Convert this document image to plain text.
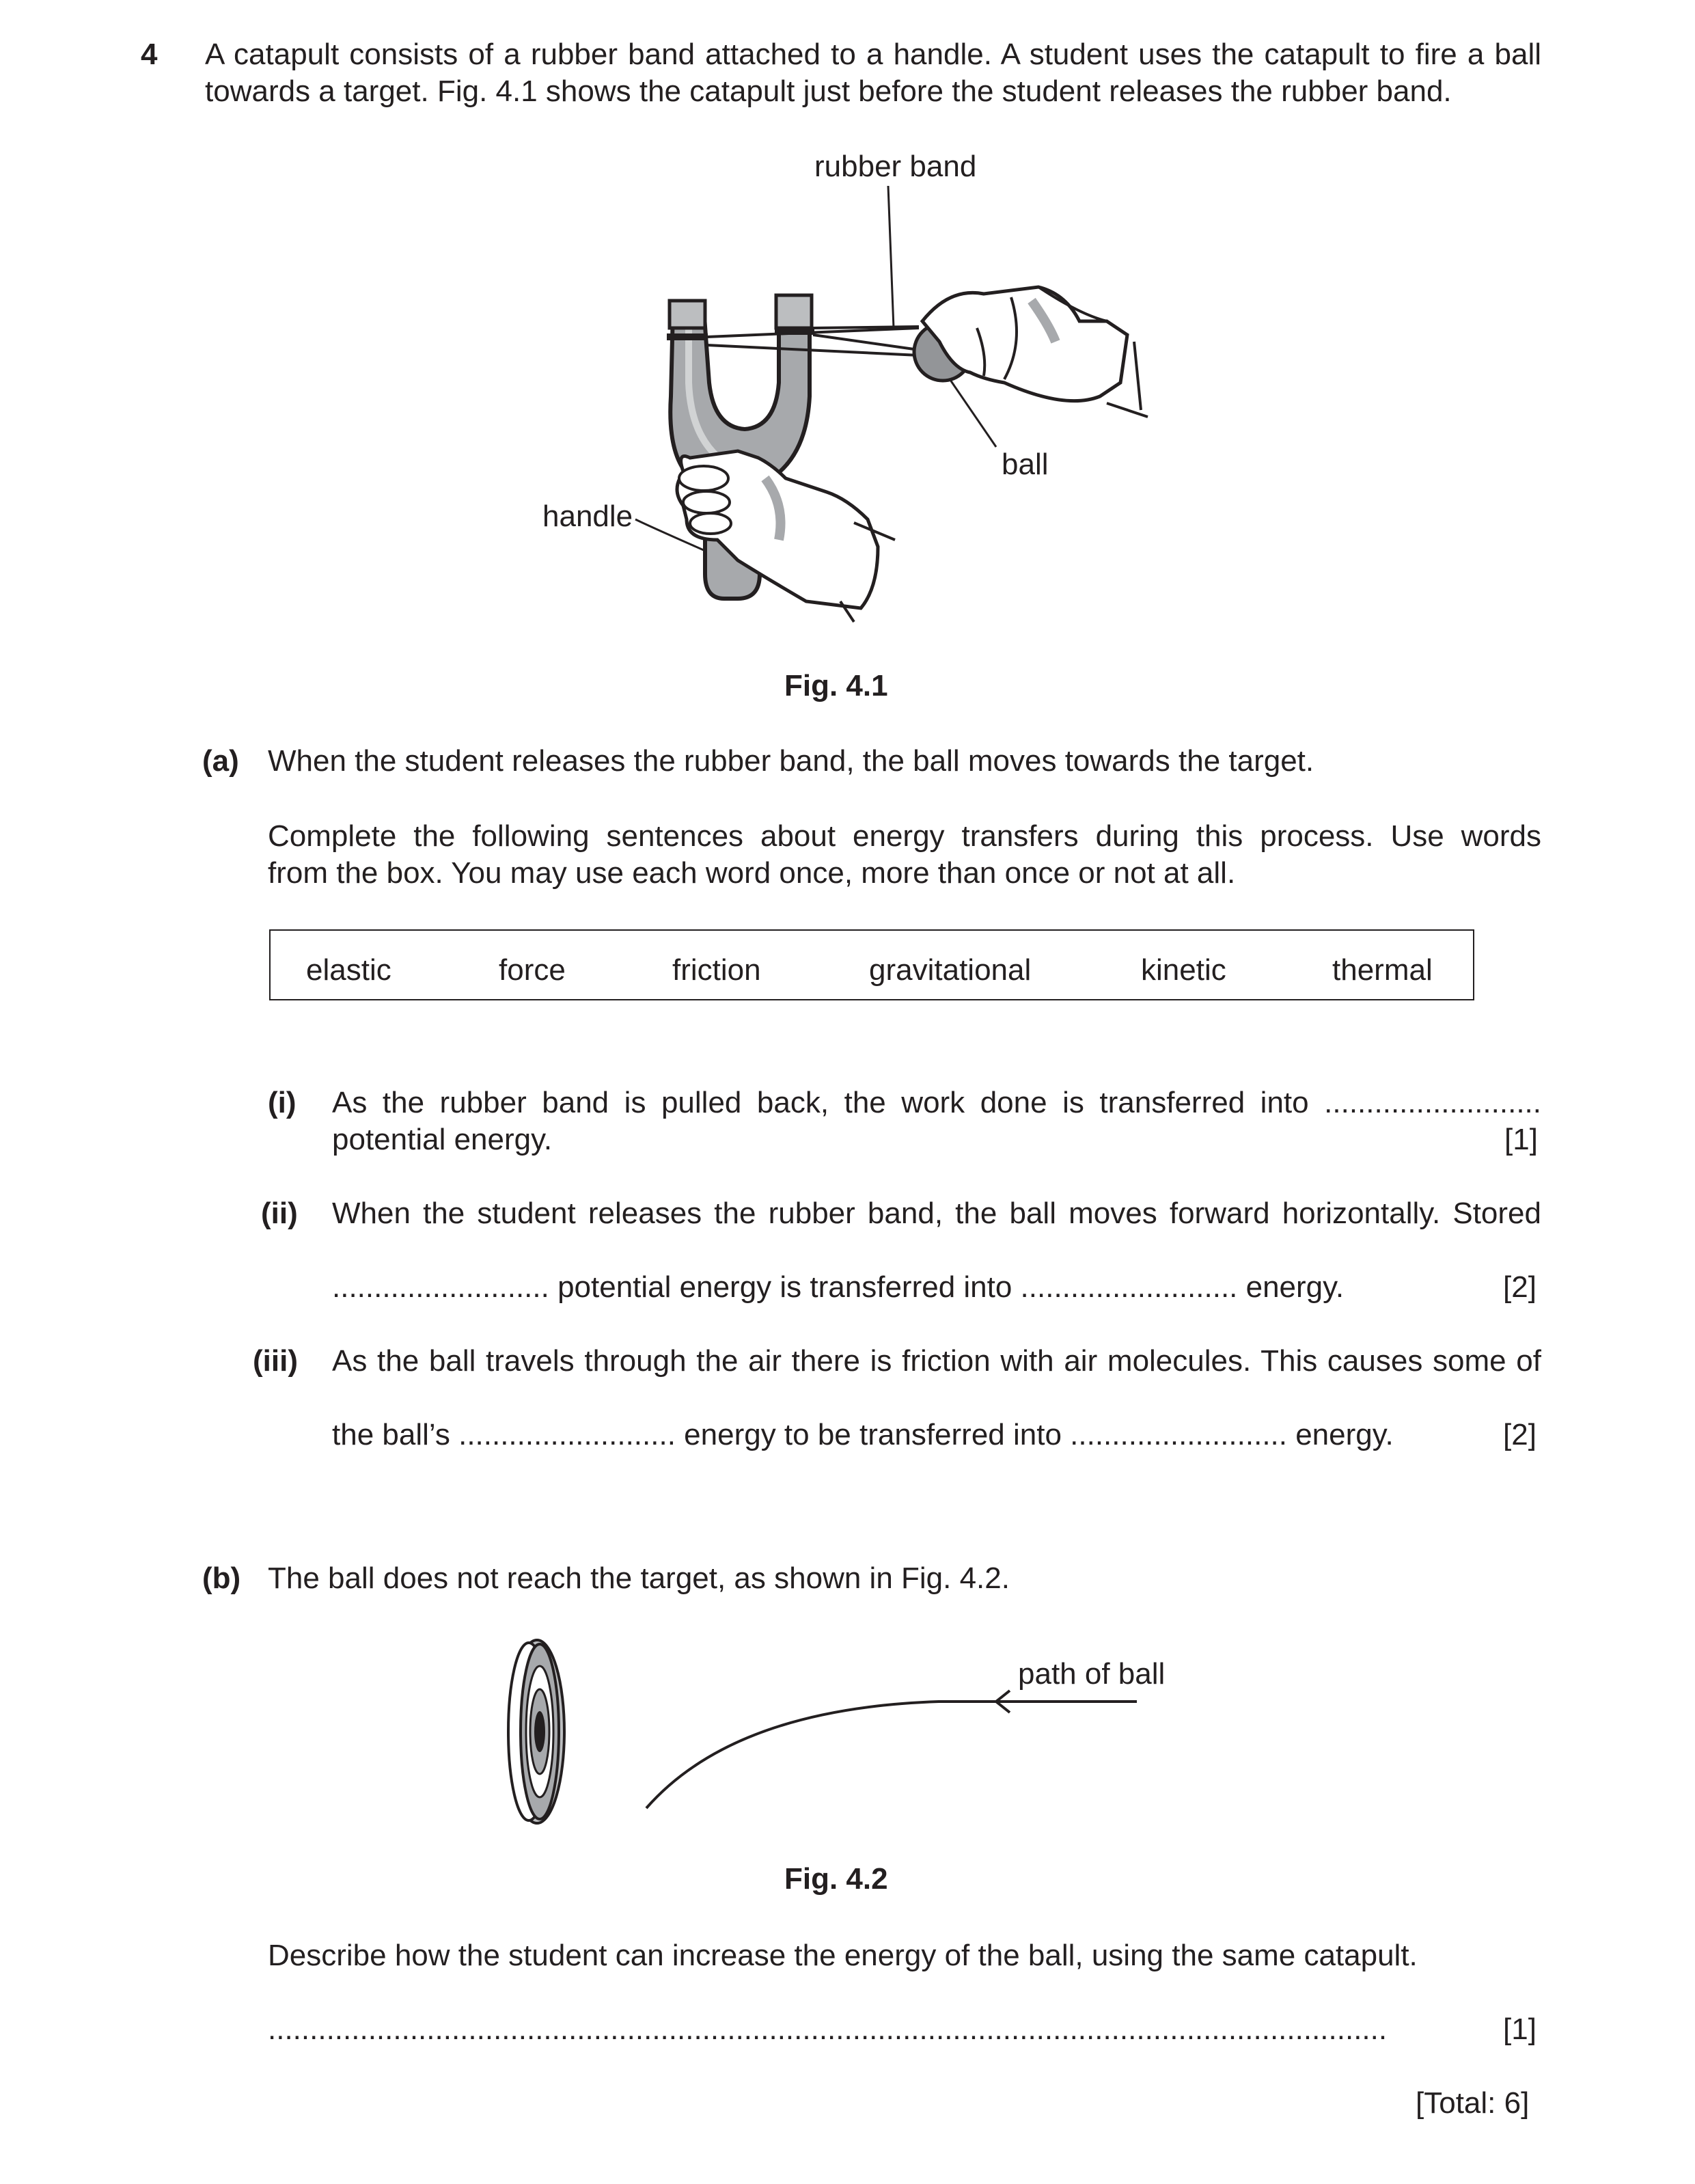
4 A catapult consists of a rubber band attached to a handle. A student uses the catapult to fire a ball
towards a target. Fig. 4.1 shows the catapult just before the student releases the rubber band.
rubber band
ball
handle
Fig. 4.1
(a) When the student releases the rubber band, the ball moves towards the target.
Complete the following sentences about energy transfers during this process. Use words
from the box. You may use each word once, more than once or not at all.
elastic	force	friction	gravitational	kinetic	thermal
(i) As the rubber band is pulled back, the work done is transferred into ..........................
potential energy.	[1]
(ii) When the student releases the rubber band, the ball moves forward horizontally. Stored
.......................... potential energy is transferred into .......................... energy.	[2]
(iii) As the ball travels through the air there is friction with air molecules. This causes some of
the ball’s .......................... energy to be transferred into .......................... energy.	[2]
(b) The ball does not reach the target, as shown in Fig. 4.2.
path of ball
Fig. 4.2
Describe how the student can increase the energy of the ball, using the same catapult.
......................................................................................................................................	[1]
[Total: 6]
